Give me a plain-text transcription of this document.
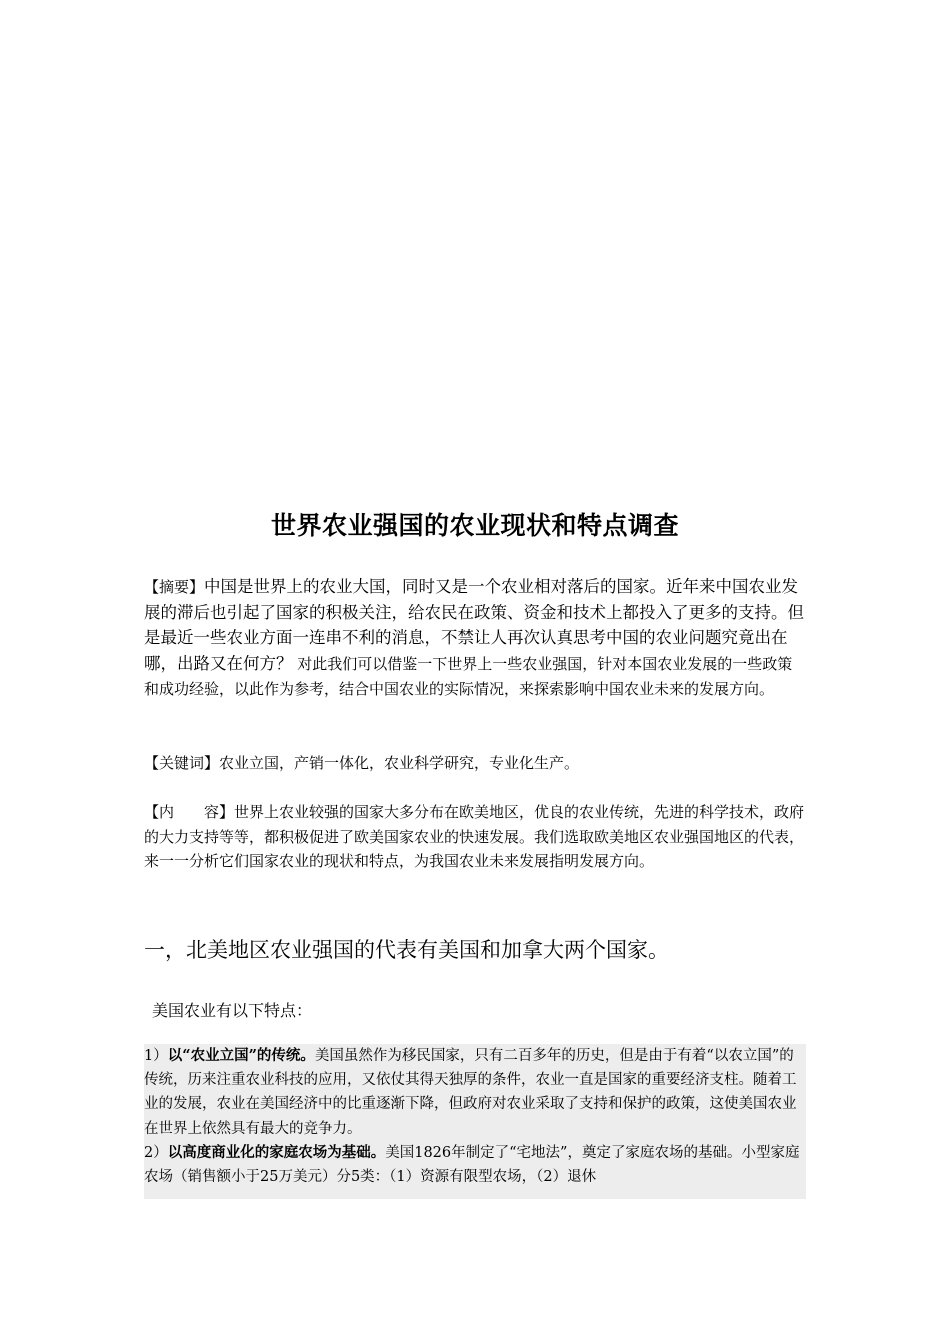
世界农业强国的农业现状和特点调查
【摘要】中国是世界上的农业大国，同时又是一个农业相对落后的国家。近年来中国农业发展的滞后也引起了国家的积极关注，给农民在政策、资金和技术上都投入了更多的支持。但是最近一些农业方面一连串不利的消息，不禁让人再次认真思考中国的农业问题究竟出在哪，出路又在何方？ 对此我们可以借鉴一下世界上一些农业强国，针对本国农业发展的一些政策和成功经验，以此作为参考，结合中国农业的实际情况，来探索影响中国农业未来的发展方向。
【关键词】农业立国，产销一体化，农业科学研究，专业化生产。
【内 容】世界上农业较强的国家大多分布在欧美地区，优良的农业传统，先进的科学技术，政府的大力支持等等，都积极促进了欧美国家农业的快速发展。我们选取欧美地区农业强国地区的代表，来一一分析它们国家农业的现状和特点，为我国农业未来发展指明发展方向。
一，北美地区农业强国的代表有美国和加拿大两个国家。
美国农业有以下特点：

1）以“农业立国”的传统。美国虽然作为移民国家，只有二百多年的历史，但是由于有着“以农立国”的传统，历来注重农业科技的应用，又依仗其得天独厚的条件，农业一直是国家的重要经济支柱。随着工业的发展，农业在美国经济中的比重逐渐下降，但政府对农业采取了支持和保护的政策，这使美国农业在世界上依然具有最大的竞争力。

2）以高度商业化的家庭农场为基础。美国1826年制定了“宅地法”，奠定了家庭农场的基础。小型家庭农场（销售额小于25万美元）分5类：（1）资源有限型农场，（2）退休
